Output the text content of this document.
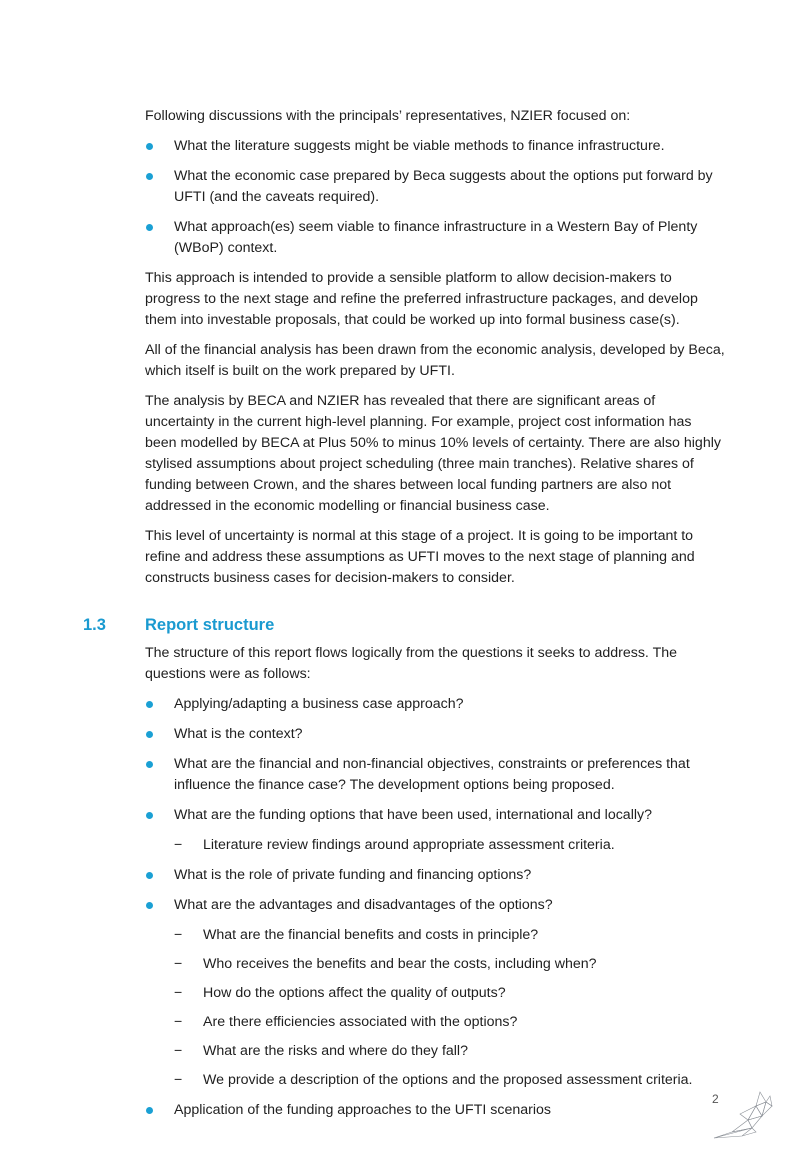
Following discussions with the principals’ representatives, NZIER focused on:

What the literature suggests might be viable methods to finance infrastructure.
What the economic case prepared by Beca suggests about the options put forward by UFTI (and the caveats required).
What approach(es) seem viable to finance infrastructure in a Western Bay of Plenty (WBoP) context.

This approach is intended to provide a sensible platform to allow decision-makers to progress to the next stage and refine the preferred infrastructure packages, and develop them into investable proposals, that could be worked up into formal business case(s).

All of the financial analysis has been drawn from the economic analysis, developed by Beca, which itself is built on the work prepared by UFTI.

The analysis by BECA and NZIER has revealed that there are significant areas of uncertainty in the current high-level planning. For example, project cost information has been modelled by BECA at Plus 50% to minus 10% levels of certainty. There are also highly stylised assumptions about project scheduling (three main tranches). Relative shares of funding between Crown, and the shares between local funding partners are also not addressed in the economic modelling or financial business case.

This level of uncertainty is normal at this stage of a project. It is going to be important to refine and address these assumptions as UFTI moves to the next stage of planning and constructs business cases for decision-makers to consider.

1.3 Report structure

The structure of this report flows logically from the questions it seeks to address. The questions were as follows:

Applying/adapting a business case approach?
What is the context?
What are the financial and non-financial objectives, constraints or preferences that influence the finance case? The development options being proposed.
What are the funding options that have been used, international and locally?
− Literature review findings around appropriate assessment criteria.
What is the role of private funding and financing options?
What are the advantages and disadvantages of the options?
− What are the financial benefits and costs in principle?
− Who receives the benefits and bear the costs, including when?
− How do the options affect the quality of outputs?
− Are there efficiencies associated with the options?
− What are the risks and where do they fall?
− We provide a description of the options and the proposed assessment criteria.
Application of the funding approaches to the UFTI scenarios
2
